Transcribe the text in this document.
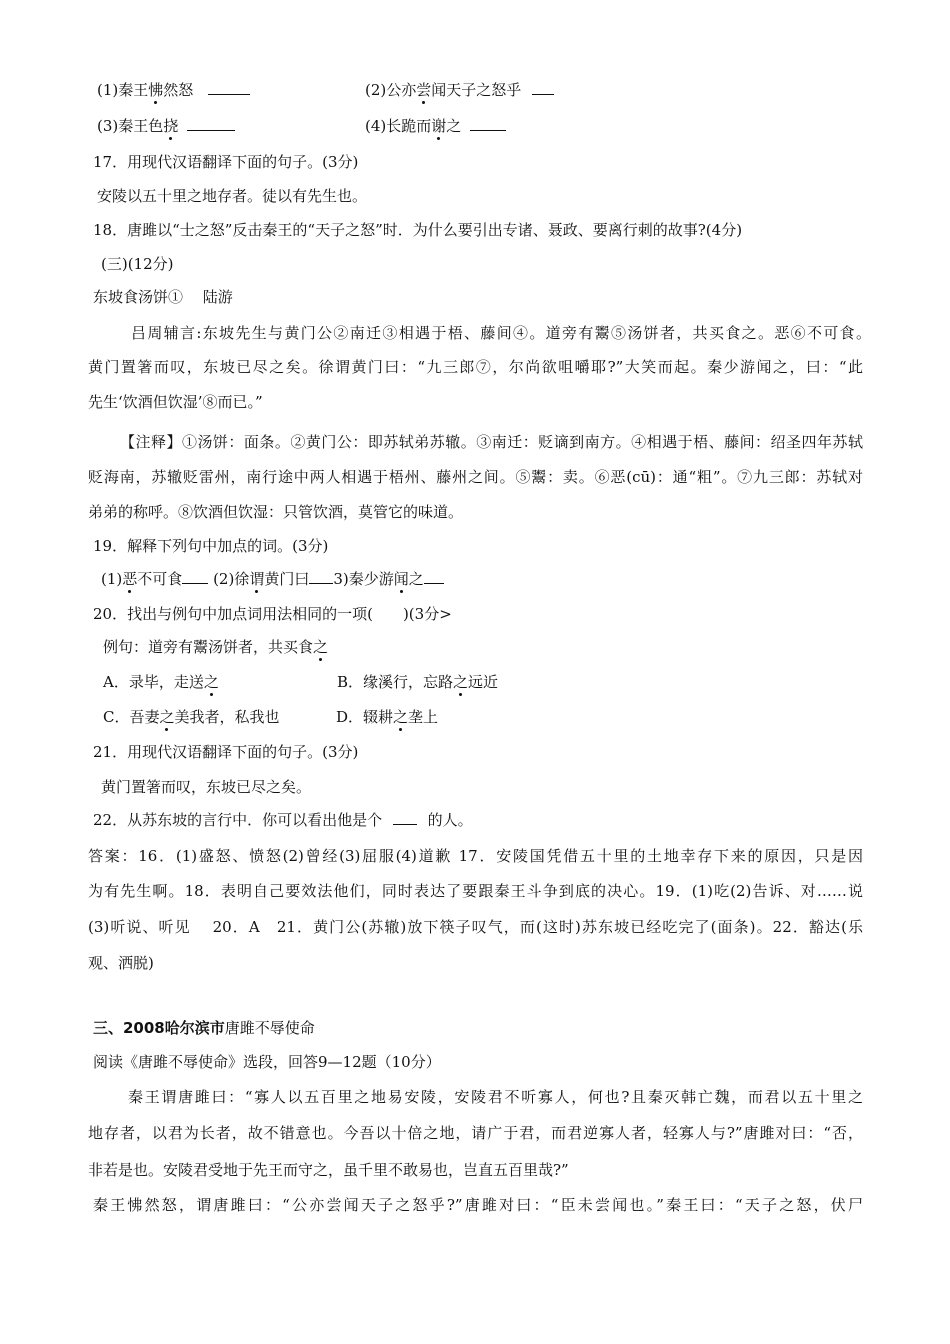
(1)秦王怫然怒	(2)公亦尝闻天子之怒乎
(3)秦王色挠	(4)长跪而谢之
17．用现代汉语翻译下面的句子。(3分)
安陵以五十里之地存者。徒以有先生也。
18．唐雎以“士之怒”反击秦王的“天子之怒”时．为什么要引出专诸、聂政、要离行刺的故事?(4分)
(三)(12分)
东坡食汤饼①　 陆游
吕周辅言:东坡先生与黄门公②南迁③相遇于梧、藤间④。道旁有鬻⑤汤饼者，共买食之。恶⑥不可食。
黄门置箸而叹，东坡已尽之矣。徐谓黄门曰：“九三郎⑦，尔尚欲咀嚼耶?”大笑而起。秦少游闻之，曰：“此
先生‘饮酒但饮湿’⑧而已。”
【注释】①汤饼：面条。②黄门公：即苏轼弟苏辙。③南迁：贬谪到南方。④相遇于梧、藤间：绍圣四年苏轼
贬海南，苏辙贬雷州，南行途中两人相遇于梧州、藤州之间。⑤鬻：卖。⑥恶(cū)：通“粗”。⑦九三郎：苏轼对
弟弟的称呼。⑧饮酒但饮湿：只管饮酒，莫管它的味道。
19．解释下列句中加点的词。(3分)
(1)恶不可食 (2)徐谓黄门曰 3)秦少游闻之
20．找出与例句中加点词用法相同的一项(　　)(3分>
例句：道旁有鬻汤饼者，共买食之
A．录毕，走送之	B．缘溪行，忘路之远近
C．吾妻之美我者，私我也	D．辍耕之垄上
21．用现代汉语翻译下面的句子。(3分)
黄门置箸而叹，东坡已尽之矣。
22．从苏东坡的言行中．你可以看出他是个	的人。
答案：16．(1)盛怒、愤怒(2)曾经(3)屈服(4)道歉 17．安陵国凭借五十里的土地幸存下来的原因，只是因
为有先生啊。18．表明自己要效法他们，同时表达了要跟秦王斗争到底的决心。19．(1)吃(2)告诉、对……说
(3)听说、听见　 20．A　21．黄门公(苏辙)放下筷子叹气，而(这时)苏东坡已经吃完了(面条)。22．豁达(乐
观、洒脱)
三、2008哈尔滨市唐雎不辱使命
阅读《唐雎不辱使命》选段，回答9—12题（10分）
秦王谓唐雎曰：“寡人以五百里之地易安陵，安陵君不听寡人，何也?且秦灭韩亡魏，而君以五十里之
地存者，以君为长者，故不错意也。今吾以十倍之地，请广于君，而君逆寡人者，轻寡人与?”唐雎对曰：“否，
非若是也。安陵君受地于先王而守之，虽千里不敢易也，岂直五百里哉?”
秦王怫然怒，谓唐雎曰：“公亦尝闻天子之怒乎?”唐雎对曰：“臣未尝闻也。”秦王曰：“天子之怒，伏尸
